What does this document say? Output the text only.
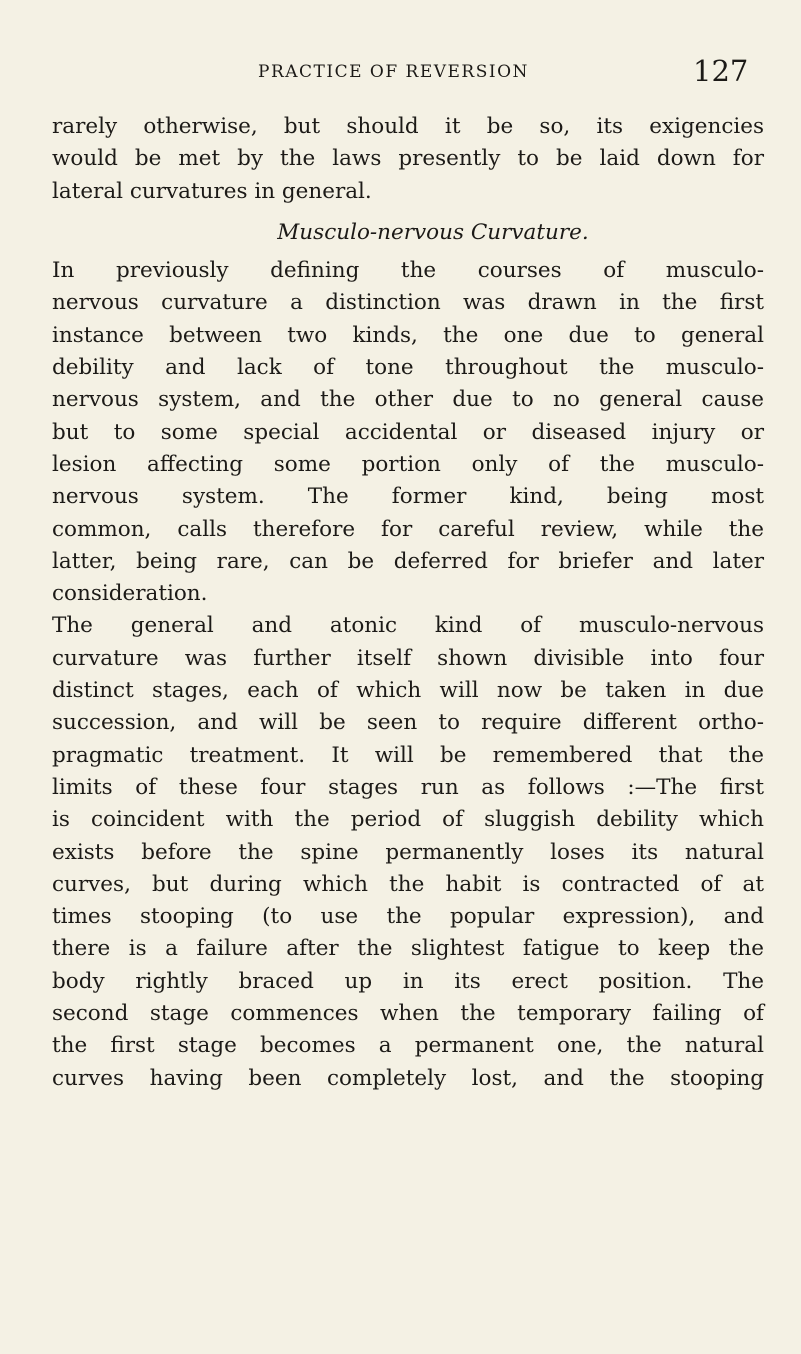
PRACTICE OF REVERSION	127
rarely otherwise, but should it be so, its exigencies
would be met by the laws presently to be laid down for
lateral curvatures in general.
Musculo-nervous Curvature.
In previously defining the courses of musculo-
nervous curvature a distinction was drawn in the first
instance between two kinds, the one due to general
debility and lack of tone throughout the musculo-
nervous system, and the other due to no general cause
but to some special accidental or diseased injury or
lesion affecting some portion only of the musculo-
nervous system. The former kind, being most
common, calls therefore for careful review, while the
latter, being rare, can be deferred for briefer and later
consideration.
The general and atonic kind of musculo-nervous
curvature was further itself shown divisible into four
distinct stages, each of which will now be taken in due
succession, and will be seen to require different ortho-
pragmatic treatment. It will be remembered that the
limits of these four stages run as follows :—The first
is coincident with the period of sluggish debility which
exists before the spine permanently loses its natural
curves, but during which the habit is contracted of at
times stooping (to use the popular expression), and
there is a failure after the slightest fatigue to keep the
body rightly braced up in its erect position. The
second stage commences when the temporary failing of
the first stage becomes a permanent one, the natural
curves having been completely lost, and the stooping
